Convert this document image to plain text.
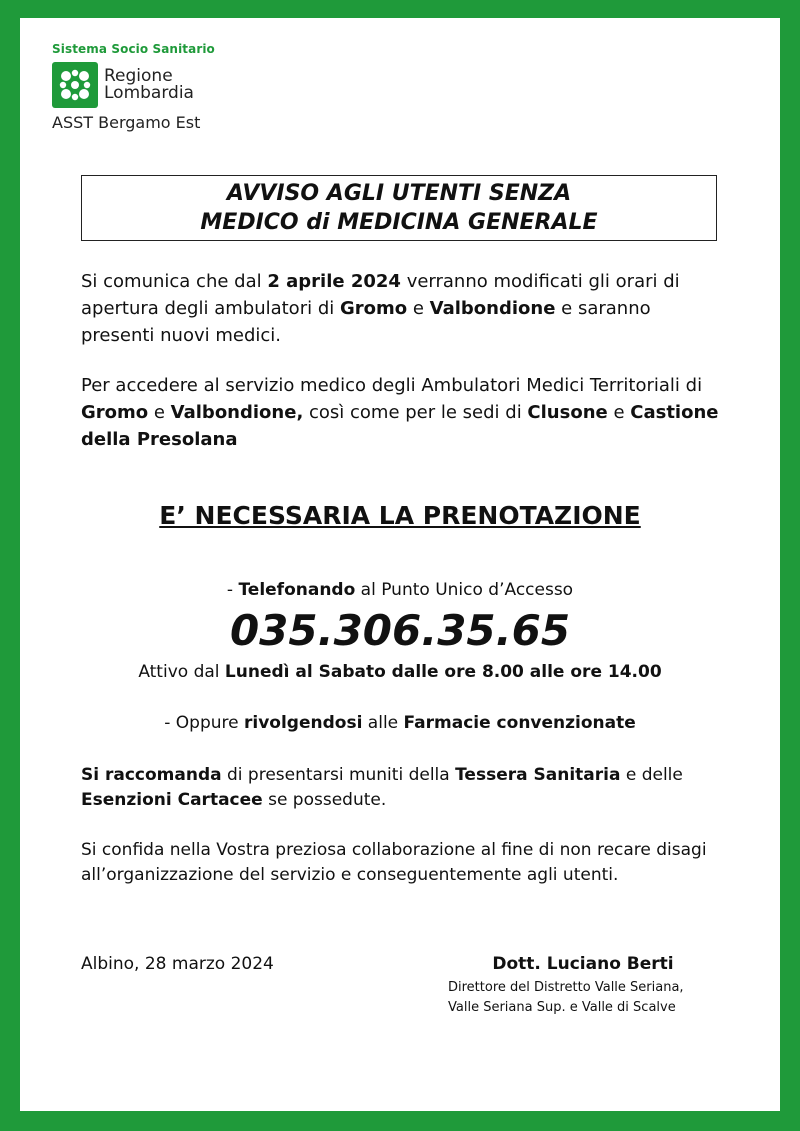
Sistema Socio Sanitario
Regione
Lombardia
ASST Bergamo Est
AVVISO AGLI UTENTI SENZA
MEDICO di MEDICINA GENERALE
Si comunica che dal 2 aprile 2024 verranno modificati gli orari di apertura degli ambulatori di Gromo e Valbondione e saranno presenti nuovi medici.
Per accedere al servizio medico degli Ambulatori Medici Territoriali di Gromo e Valbondione, così come per le sedi di Clusone e Castione della Presolana
E’ NECESSARIA LA PRENOTAZIONE
- Telefonando al Punto Unico d’Accesso
035.306.35.65
Attivo dal Lunedì al Sabato dalle ore 8.00 alle ore 14.00
- Oppure rivolgendosi alle Farmacie convenzionate
Si raccomanda di presentarsi muniti della Tessera Sanitaria e delle Esenzioni Cartacee se possedute.
Si confida nella Vostra preziosa collaborazione al fine di non recare disagi all’organizzazione del servizio e conseguentemente agli utenti.
Albino, 28 marzo 2024	Dott. Luciano Berti
Direttore del Distretto Valle Seriana,
Valle Seriana Sup. e Valle di Scalve
